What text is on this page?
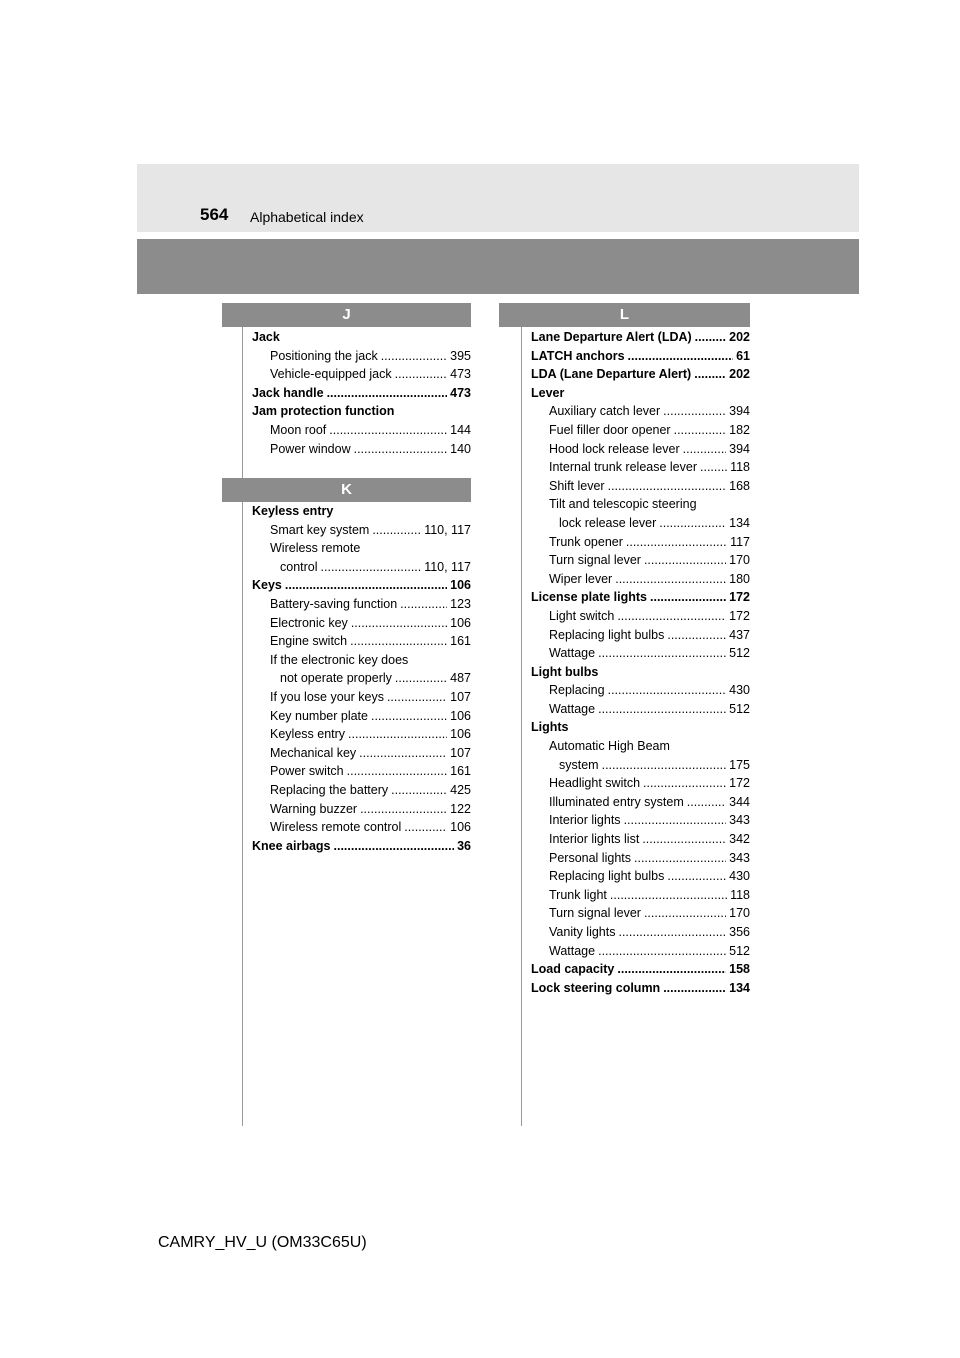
564 Alphabetical index
J
Jack
Positioning the jack .....	395
Vehicle-equipped jack .....	473
Jack handle .....	473
Jam protection function
Moon roof .....	144
Power window .....	140
K
Keyless entry
Smart key system .....	110, 117
Wireless remote
control .....	110, 117
Keys .....	106
Battery-saving function .....	123
Electronic key .....	106
Engine switch .....	161
If the electronic key does
not operate properly .....	487
If you lose your keys .....	107
Key number plate .....	106
Keyless entry .....	106
Mechanical key .....	107
Power switch .....	161
Replacing the battery .....	425
Warning buzzer .....	122
Wireless remote control .....	106
Knee airbags .....	36
L
Lane Departure Alert (LDA) .....	202
LATCH anchors .....	61
LDA (Lane Departure Alert) .....	202
Lever
Auxiliary catch lever .....	394
Fuel filler door opener .....	182
Hood lock release lever .....	394
Internal trunk release lever .....	118
Shift lever .....	168
Tilt and telescopic steering
lock release lever .....	134
Trunk opener .....	117
Turn signal lever .....	170
Wiper lever .....	180
License plate lights .....	172
Light switch .....	172
Replacing light bulbs .....	437
Wattage .....	512
Light bulbs
Replacing .....	430
Wattage .....	512
Lights
Automatic High Beam
system .....	175
Headlight switch .....	172
Illuminated entry system .....	344
Interior lights .....	343
Interior lights list .....	342
Personal lights .....	343
Replacing light bulbs .....	430
Trunk light .....	118
Turn signal lever .....	170
Vanity lights .....	356
Wattage .....	512
Load capacity .....	158
Lock steering column .....	134
CAMRY_HV_U (OM33C65U)
